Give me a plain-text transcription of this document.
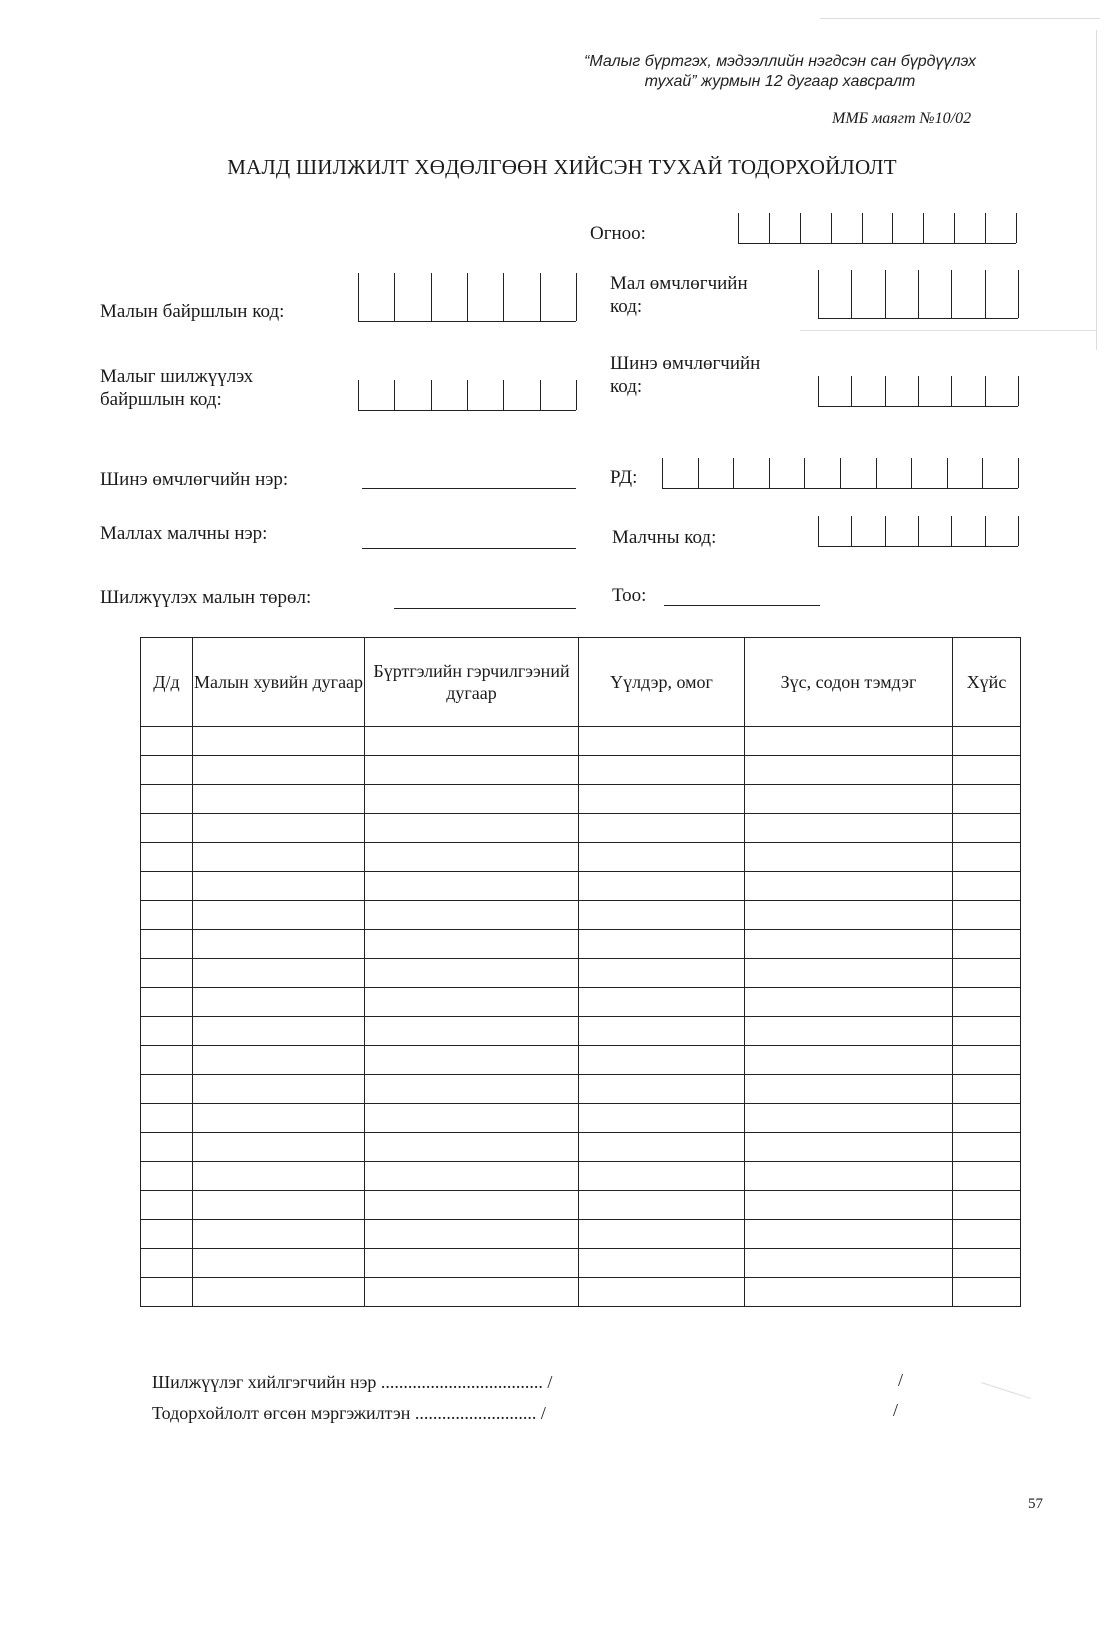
“Малыг бүртгэх, мэдээллийн нэгдсэн сан бүрдүүлэх
тухай” журмын 12 дугаар хавсралт
ММБ маягт №10/02
МАЛД ШИЛЖИЛТ ХӨДӨЛГӨӨН ХИЙСЭН ТУХАЙ ТОДОРХОЙЛОЛТ
Огноо:
Малын байршлын код:
Мал өмчлөгчийн
код:
Малыг шилжүүлэх
байршлын код:
Шинэ өмчлөгчийн
код:
Шинэ өмчлөгчийн нэр:	РД:
Маллах малчны нэр:	Малчны код:
Шилжүүлэх малын төрөл:	Тоо:
Д/д	Малын хувийн дугаар	Бүртгэлийн гэрчилгээний дугаар	Үүлдэр, омог	Зүс, содон тэмдэг	Хүйс

Шилжүүлэг хийлгэгчийн нэр .................................... /	/
Тодорхойлолт өгсөн мэргэжилтэн ........................... /	/
57
